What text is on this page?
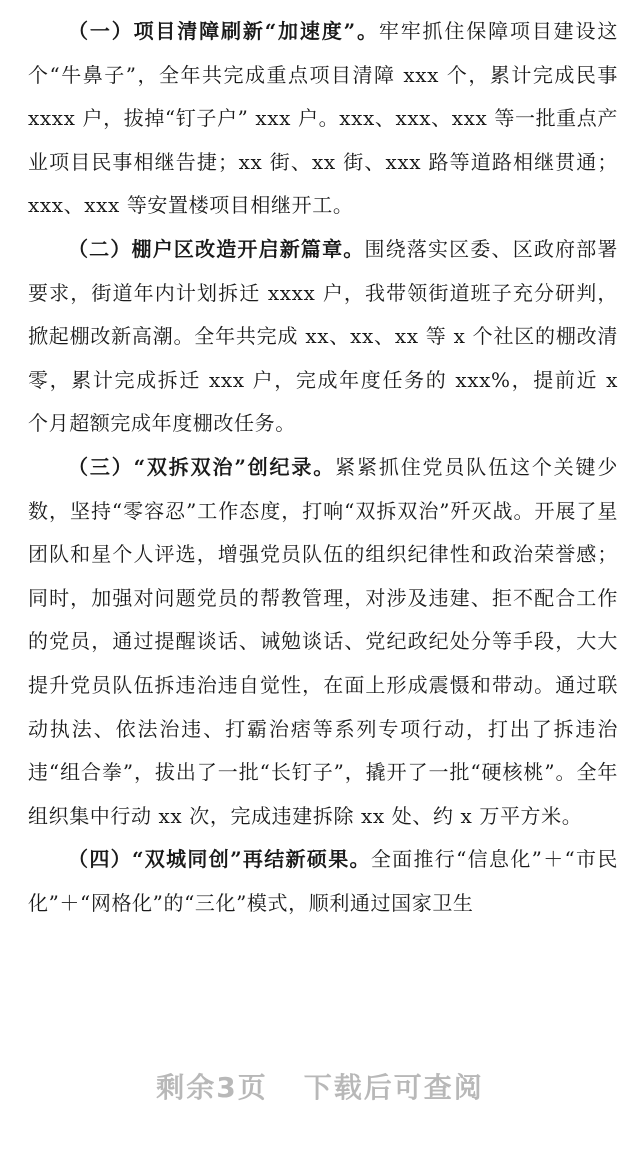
（一）项目清障刷新“加速度”。牢牢抓住保障项目建设这个“牛鼻子”，全年共完成重点项目清障 xxx 个，累计完成民事 xxxx 户，拔掉“钉子户” xxx 户。xxx、xxx、xxx 等一批重点产业项目民事相继告捷；xx 街、xx 街、xxx 路等道路相继贯通；xxx、xxx 等安置楼项目相继开工。

（二）棚户区改造开启新篇章。围绕落实区委、区政府部署要求，街道年内计划拆迁 xxxx 户，我带领街道班子充分研判，掀起棚改新高潮。全年共完成 xx、xx、xx 等 x 个社区的棚改清零，累计完成拆迁 xxx 户，完成年度任务的 xxx%，提前近 x 个月超额完成年度棚改任务。

（三）“双拆双治”创纪录。紧紧抓住党员队伍这个关键少数，坚持“零容忍”工作态度，打响“双拆双治”歼灭战。开展了星团队和星个人评选，增强党员队伍的组织纪律性和政治荣誉感；同时，加强对问题党员的帮教管理，对涉及违建、拒不配合工作的党员，通过提醒谈话、诫勉谈话、党纪政纪处分等手段，大大提升党员队伍拆违治违自觉性，在面上形成震慑和带动。通过联动执法、依法治违、打霸治痞等系列专项行动，打出了拆违治违“组合拳”，拔出了一批“长钉子”，撬开了一批“硬核桃”。全年组织集中行动 xx 次，完成违建拆除 xx 处、约 x 万平方米。

（四）“双城同创”再结新硕果。全面推行“信息化”＋“市民化”＋“网格化”的“三化”模式，顺利通过国家卫生

剩余3页 下载后可查阅
